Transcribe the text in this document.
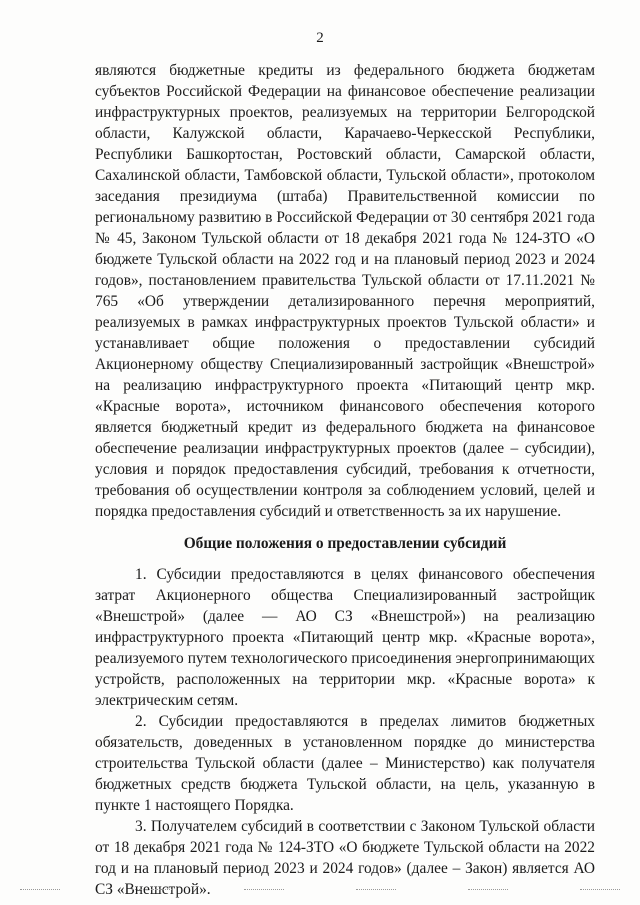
2

являются бюджетные кредиты из федерального бюджета бюджетам субъектов Российской Федерации на финансовое обеспечение реализации инфраструктурных проектов, реализуемых на территории Белгородской области, Калужской области, Карачаево-Черкесской Республики, Республики Башкортостан, Ростовский области, Самарской области, Сахалинской области, Тамбовской области, Тульской области», протоколом заседания президиума (штаба) Правительственной комиссии по региональному развитию в Российской Федерации от 30 сентября 2021 года № 45, Законом Тульской области от 18 декабря 2021 года № 124-ЗТО «О бюджете Тульской области на 2022 год и на плановый период 2023 и 2024 годов», постановлением правительства Тульской области от 17.11.2021 № 765 «Об утверждении детализированного перечня мероприятий, реализуемых в рамках инфраструктурных проектов Тульской области» и устанавливает общие положения о предоставлении субсидий Акционерному обществу Специализированный застройщик «Внешстрой» на реализацию инфраструктурного проекта «Питающий центр мкр. «Красные ворота», источником финансового обеспечения которого является бюджетный кредит из федерального бюджета на финансовое обеспечение реализации инфраструктурных проектов (далее – субсидии), условия и порядок предоставления субсидий, требования к отчетности, требования об осуществлении контроля за соблюдением условий, целей и порядка предоставления субсидий и ответственность за их нарушение.

Общие положения о предоставлении субсидий

1. Субсидии предоставляются в целях финансового обеспечения затрат Акционерного общества Специализированный застройщик «Внешстрой» (далее — АО СЗ «Внешстрой») на реализацию инфраструктурного проекта «Питающий центр мкр. «Красные ворота», реализуемого путем технологического присоединения энергопринимающих устройств, расположенных на территории мкр. «Красные ворота» к электрическим сетям.

2. Субсидии предоставляются в пределах лимитов бюджетных обязательств, доведенных в установленном порядке до министерства строительства Тульской области (далее – Министерство) как получателя бюджетных средств бюджета Тульской области, на цель, указанную в пункте 1 настоящего Порядка.

3. Получателем субсидий в соответствии с Законом Тульской области от 18 декабря 2021 года № 124-ЗТО «О бюджете Тульской области на 2022 год и на плановый период 2023 и 2024 годов» (далее – Закон) является АО СЗ «Внешстрой».
